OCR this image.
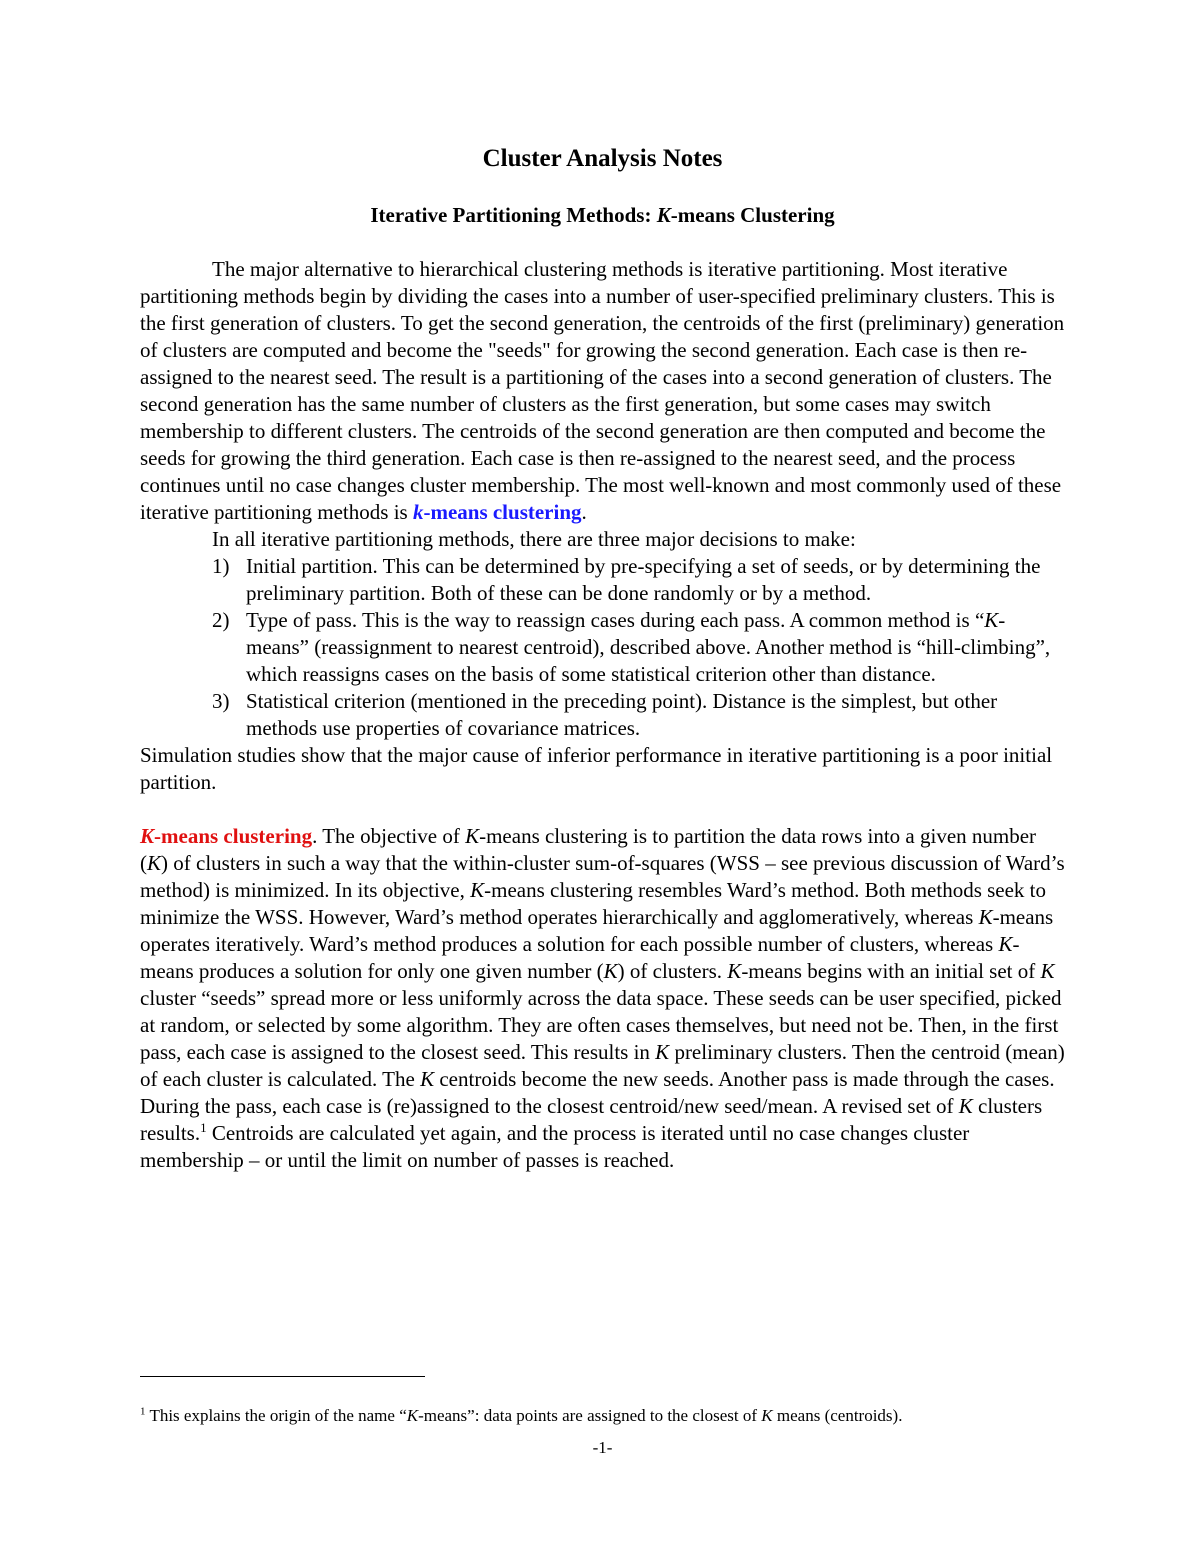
Cluster Analysis Notes
Iterative Partitioning Methods: K-means Clustering

The major alternative to hierarchical clustering methods is iterative partitioning. Most iterative partitioning methods begin by dividing the cases into a number of user-specified preliminary clusters. This is the first generation of clusters. To get the second generation, the centroids of the first (preliminary) generation of clusters are computed and become the "seeds" for growing the second generation. Each case is then re-assigned to the nearest seed. The result is a partitioning of the cases into a second generation of clusters. The second generation has the same number of clusters as the first generation, but some cases may switch membership to different clusters. The centroids of the second generation are then computed and become the seeds for growing the third generation. Each case is then re-assigned to the nearest seed, and the process continues until no case changes cluster membership. The most well-known and most commonly used of these iterative partitioning methods is k-means clustering.

In all iterative partitioning methods, there are three major decisions to make:

1) Initial partition. This can be determined by pre-specifying a set of seeds, or by determining the preliminary partition. Both of these can be done randomly or by a method.
2) Type of pass. This is the way to reassign cases during each pass. A common method is “K-means” (reassignment to nearest centroid), described above. Another method is “hill-climbing”, which reassigns cases on the basis of some statistical criterion other than distance.
3) Statistical criterion (mentioned in the preceding point). Distance is the simplest, but other methods use properties of covariance matrices.

Simulation studies show that the major cause of inferior performance in iterative partitioning is a poor initial partition.

K-means clustering. The objective of K-means clustering is to partition the data rows into a given number (K) of clusters in such a way that the within-cluster sum-of-squares (WSS – see previous discussion of Ward’s method) is minimized. In its objective, K-means clustering resembles Ward’s method. Both methods seek to minimize the WSS. However, Ward’s method operates hierarchically and agglomeratively, whereas K-means operates iteratively. Ward’s method produces a solution for each possible number of clusters, whereas K-means produces a solution for only one given number (K) of clusters. K-means begins with an initial set of K cluster “seeds” spread more or less uniformly across the data space. These seeds can be user specified, picked at random, or selected by some algorithm. They are often cases themselves, but need not be. Then, in the first pass, each case is assigned to the closest seed. This results in K preliminary clusters. Then the centroid (mean) of each cluster is calculated. The K centroids become the new seeds. Another pass is made through the cases. During the pass, each case is (re)assigned to the closest centroid/new seed/mean. A revised set of K clusters results.$^1$ Centroids are calculated yet again, and the process is iterated until no case changes cluster membership – or until the limit on number of passes is reached.

$^1$ This explains the origin of the name “K-means”: data points are assigned to the closest of K means (centroids).

-1-
